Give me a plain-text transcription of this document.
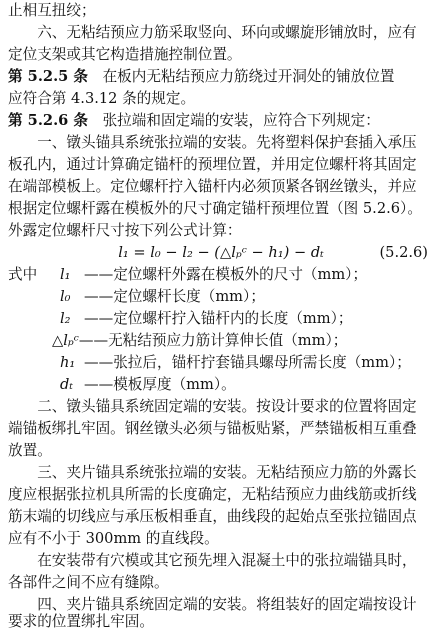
止相互扭绞；
　　六、无粘结预应力筋采取竖向、环向或螺旋形铺放时，应有
定位支架或其它构造措施控制位置。
第 5.2.5 条　在板内无粘结预应力筋绕过开洞处的铺放位置
应符合第 4.3.12 条的规定。
第 5.2.6 条　张拉端和固定端的安装，应符合下列规定：
　　一、镦头锚具系统张拉端的安装。先将塑料保护套插入承压
板孔内，通过计算确定锚杆的预埋位置，并用定位螺杆将其固定
在端部模板上。定位螺杆拧入锚杆内必须顶紧各钢丝镦头，并应
根据定位螺杆露在模板外的尺寸确定锚杆预埋位置（图 5.2.6）。
外露定位螺杆尺寸按下列公式计算：
l₁ = l₀ − l₂ − (△lₚᶜ − h₁) − dₜ	(5.2.6)
式中 l₁ ——定位螺杆外露在模板外的尺寸（mm）；
l₀ ——定位螺杆长度（mm）；
l₂ ——定位螺杆拧入锚杆内的长度（mm）；
△lₚᶜ——无粘结预应力筋计算伸长值（mm）；
h₁ ——张拉后，锚杆拧套锚具螺母所需长度（mm）；
dₜ ——模板厚度（mm）。
　　二、镦头锚具系统固定端的安装。按设计要求的位置将固定
端锚板绑扎牢固。钢丝镦头必须与锚板贴紧，严禁锚板相互重叠
放置。
　　三、夹片锚具系统张拉端的安装。无粘结预应力筋的外露长
度应根据张拉机具所需的长度确定，无粘结预应力曲线筋或折线
筋末端的切线应与承压板相垂直，曲线段的起始点至张拉锚固点
应有不小于 300mm 的直线段。
　　在安装带有穴模或其它预先埋入混凝土中的张拉端锚具时，
各部件之间不应有缝隙。
　　四、夹片锚具系统固定端的安装。将组装好的固定端按设计
要求的位置绑扎牢固。
